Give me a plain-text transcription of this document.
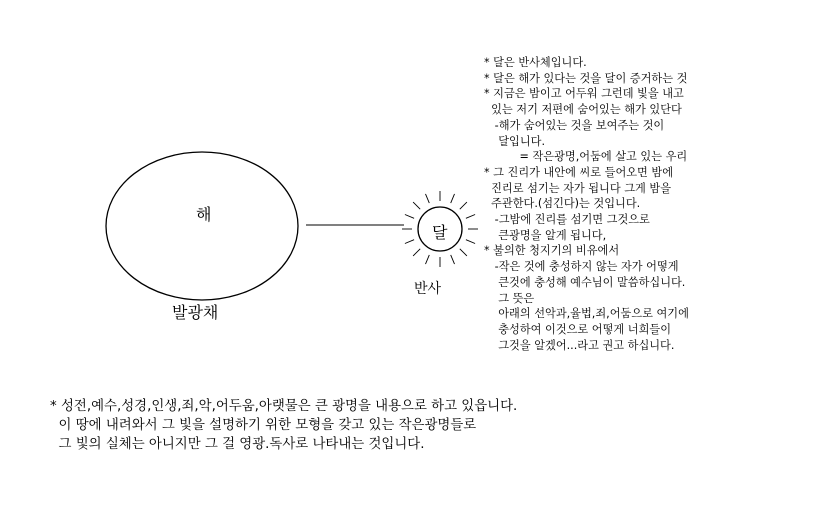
해
달
반사
발광채
* 달은 반사체입니다.
* 달은 해가 있다는 것을 달이 증거하는 것
* 지금은 밤이고 어두워 그런데 빛을 내고
있는 저기 저편에 숨어있는 해가 있단다
-해가 숨어있는 것을 보여주는 것이
달입니다.
= 작은광명,어둠에 살고 있는 우리
* 그 진리가 내안에 씨로 들어오면 밤에
진리로 섬기는 자가 됩니다 그게 밤을
주관한다.(섬긴다)는 것입니다.
-그밤에 진리를 섬기면 그것으로
큰광명을 알게 됩니다,
* 불의한 청지기의 비유에서
-작은 것에 충성하지 않는 자가 어떻게
큰것에 충성해 예수님이 말씀하십니다.
그 뜻은
아래의 선악과,율법,죄,어둠으로 여기에
충성하여 이것으로 어떻게 너희들이
그것을 알겠어...라고 권고 하십니다.
* 성전,예수,성경,인생,죄,악,어두움,아랫물은 큰 광명을 내용으로 하고 있읍니다.
이 땅에 내려와서 그 빛을 설명하기 위한 모형을 갖고 있는 작은광명들로
그 빛의 실체는 아니지만 그 걸 영광.독사로 나타내는 것입니다.
